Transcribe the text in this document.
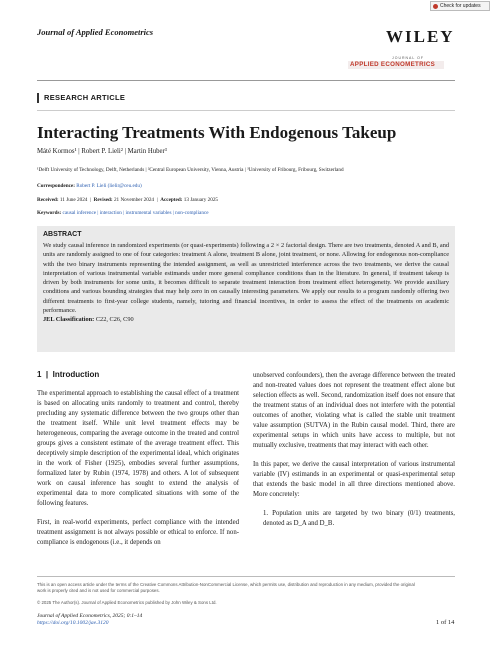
Journal of Applied Econometrics
Check for updates
WILEY
JOURNAL OF
APPLIED ECONOMETRICS
RESEARCH ARTICLE
Interacting Treatments With Endogenous Takeup
Máté Kormos¹ | Robert P. Lieli² | Martin Huber³
¹Delft University of Technology, Delft, Netherlands | ²Central European University, Vienna, Austria | ³University of Fribourg, Fribourg, Switzerland
Correspondence: Robert P. Lieli (lielir@ceu.edu)
Received: 11 June 2024  |  Revised: 21 November 2024  |  Accepted: 13 January 2025
Keywords: causal inference | interaction | instrumental variables | non-compliance
ABSTRACT
We study causal inference in randomized experiments (or quasi-experiments) following a 2 × 2 factorial design. There are two treatments, denoted A and B, and units are randomly assigned to one of four categories: treatment A alone, treatment B alone, joint treatment, or none. Allowing for endogenous non-compliance with the two binary instruments representing the intended assignment, as well as unrestricted interference across the two treatments, we derive the causal interpretation of various instrumental variable estimands under more general compliance conditions than in the literature. In general, if treatment takeup is driven by both instruments for some units, it becomes difficult to separate treatment interaction from treatment effect heterogeneity. We provide auxiliary conditions and various bounding strategies that may help zero in on causally interesting parameters. We apply our results to a program randomly offering two different treatments to first-year college students, namely, tutoring and financial incentives, in order to assess the effect of the treatments on academic performance.
JEL Classification: C22, C26, C90
1  |  Introduction

The experimental approach to establishing the causal effect of a treatment is based on allocating units randomly to treatment and control, thereby precluding any systematic difference between the two groups other than the treatment itself. While unit level treatment effects may be heterogeneous, comparing the average outcome in the treated and control groups gives a consistent estimate of the average treatment effect. This deceptively simple description of the experimental ideal, which originates in the work of Fisher (1925), embodies several further assumptions, formalized later by Rubin (1974, 1978) and others. A lot of subsequent work on causal inference has sought to extend the analysis of experimental data to more complicated situations with some of the following features.

First, in real-world experiments, perfect compliance with the intended treatment assignment is not always possible or ethical to enforce. If non-compliance is endogenous (i.e., it depends on

unobserved confounders), then the average difference between the treated and non-treated values does not represent the treatment effect alone but selection effects as well. Second, randomization itself does not ensure that the treatment status of an individual does not interfere with the potential outcomes of another, violating what is called the stable unit treatment value assumption (SUTVA) in the Rubin causal model. Third, there are experimental setups in which units have access to multiple, but not mutually exclusive, treatments that may interact with each other.

In this paper, we derive the causal interpretation of various instrumental variable (IV) estimands in an experimental or quasi-experimental setup that extends the basic model in all three directions mentioned above. More concretely:

1. Population units are targeted by two binary (0/1) treatments, denoted as D_A and D_B.

This is an open access article under the terms of the Creative Commons Attribution-NonCommercial License, which permits use, distribution and reproduction in any medium, provided the original
work is properly cited and is not used for commercial purposes.
© 2025 The Author(s). Journal of Applied Econometrics published by John Wiley & Sons Ltd.
Journal of Applied Econometrics, 2025; 0:1–14
https://doi.org/10.1002/jae.3120	1 of 14
